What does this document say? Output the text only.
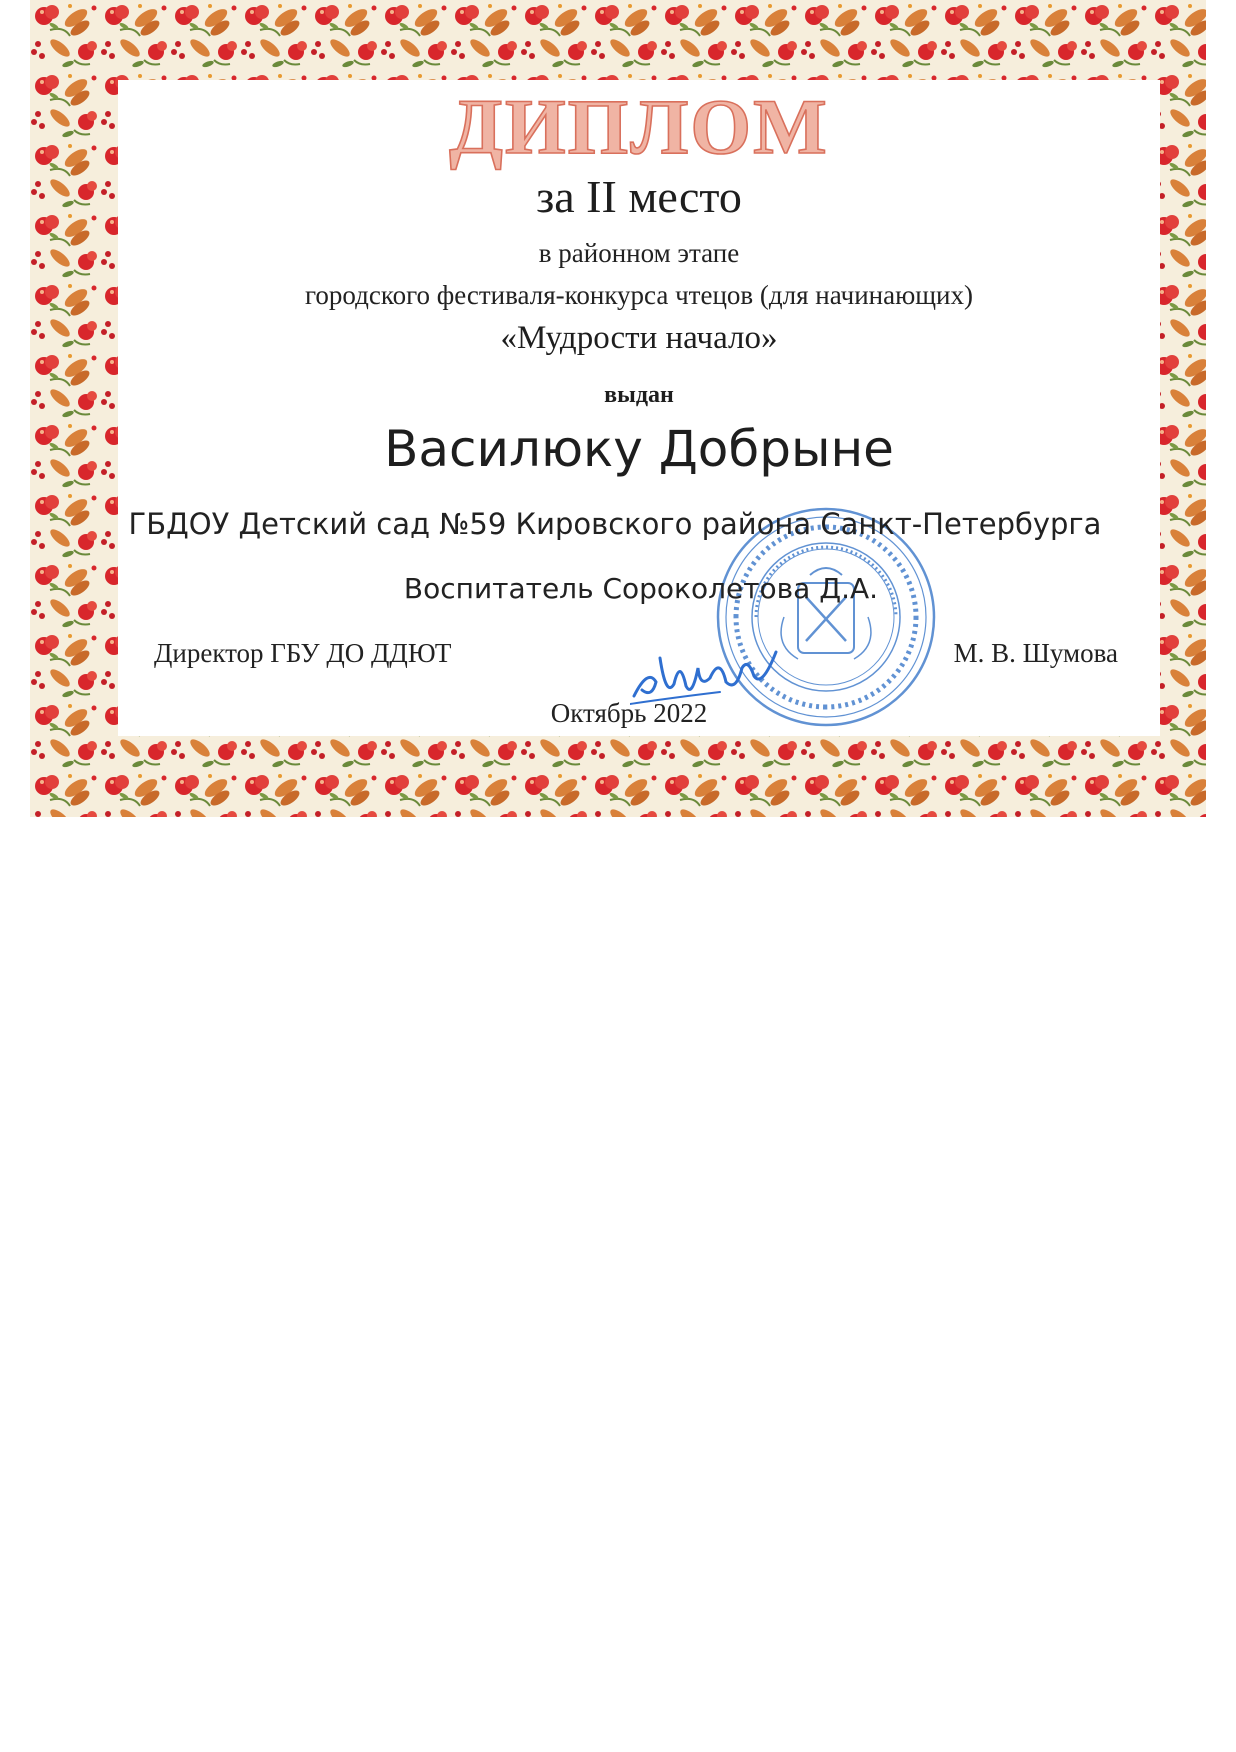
ДИПЛОМ
за II место
в районном этапе
городского фестиваля-конкурса чтецов (для начинающих)
«Мудрости начало»
выдан
Василюку Добрыне
ГБДОУ Детский сад №59 Кировского района Санкт-Петербурга
Воспитатель Сороколетова Д.А.
Директор ГБУ ДО ДДЮТ	М. В. Шумова
Октябрь 2022
